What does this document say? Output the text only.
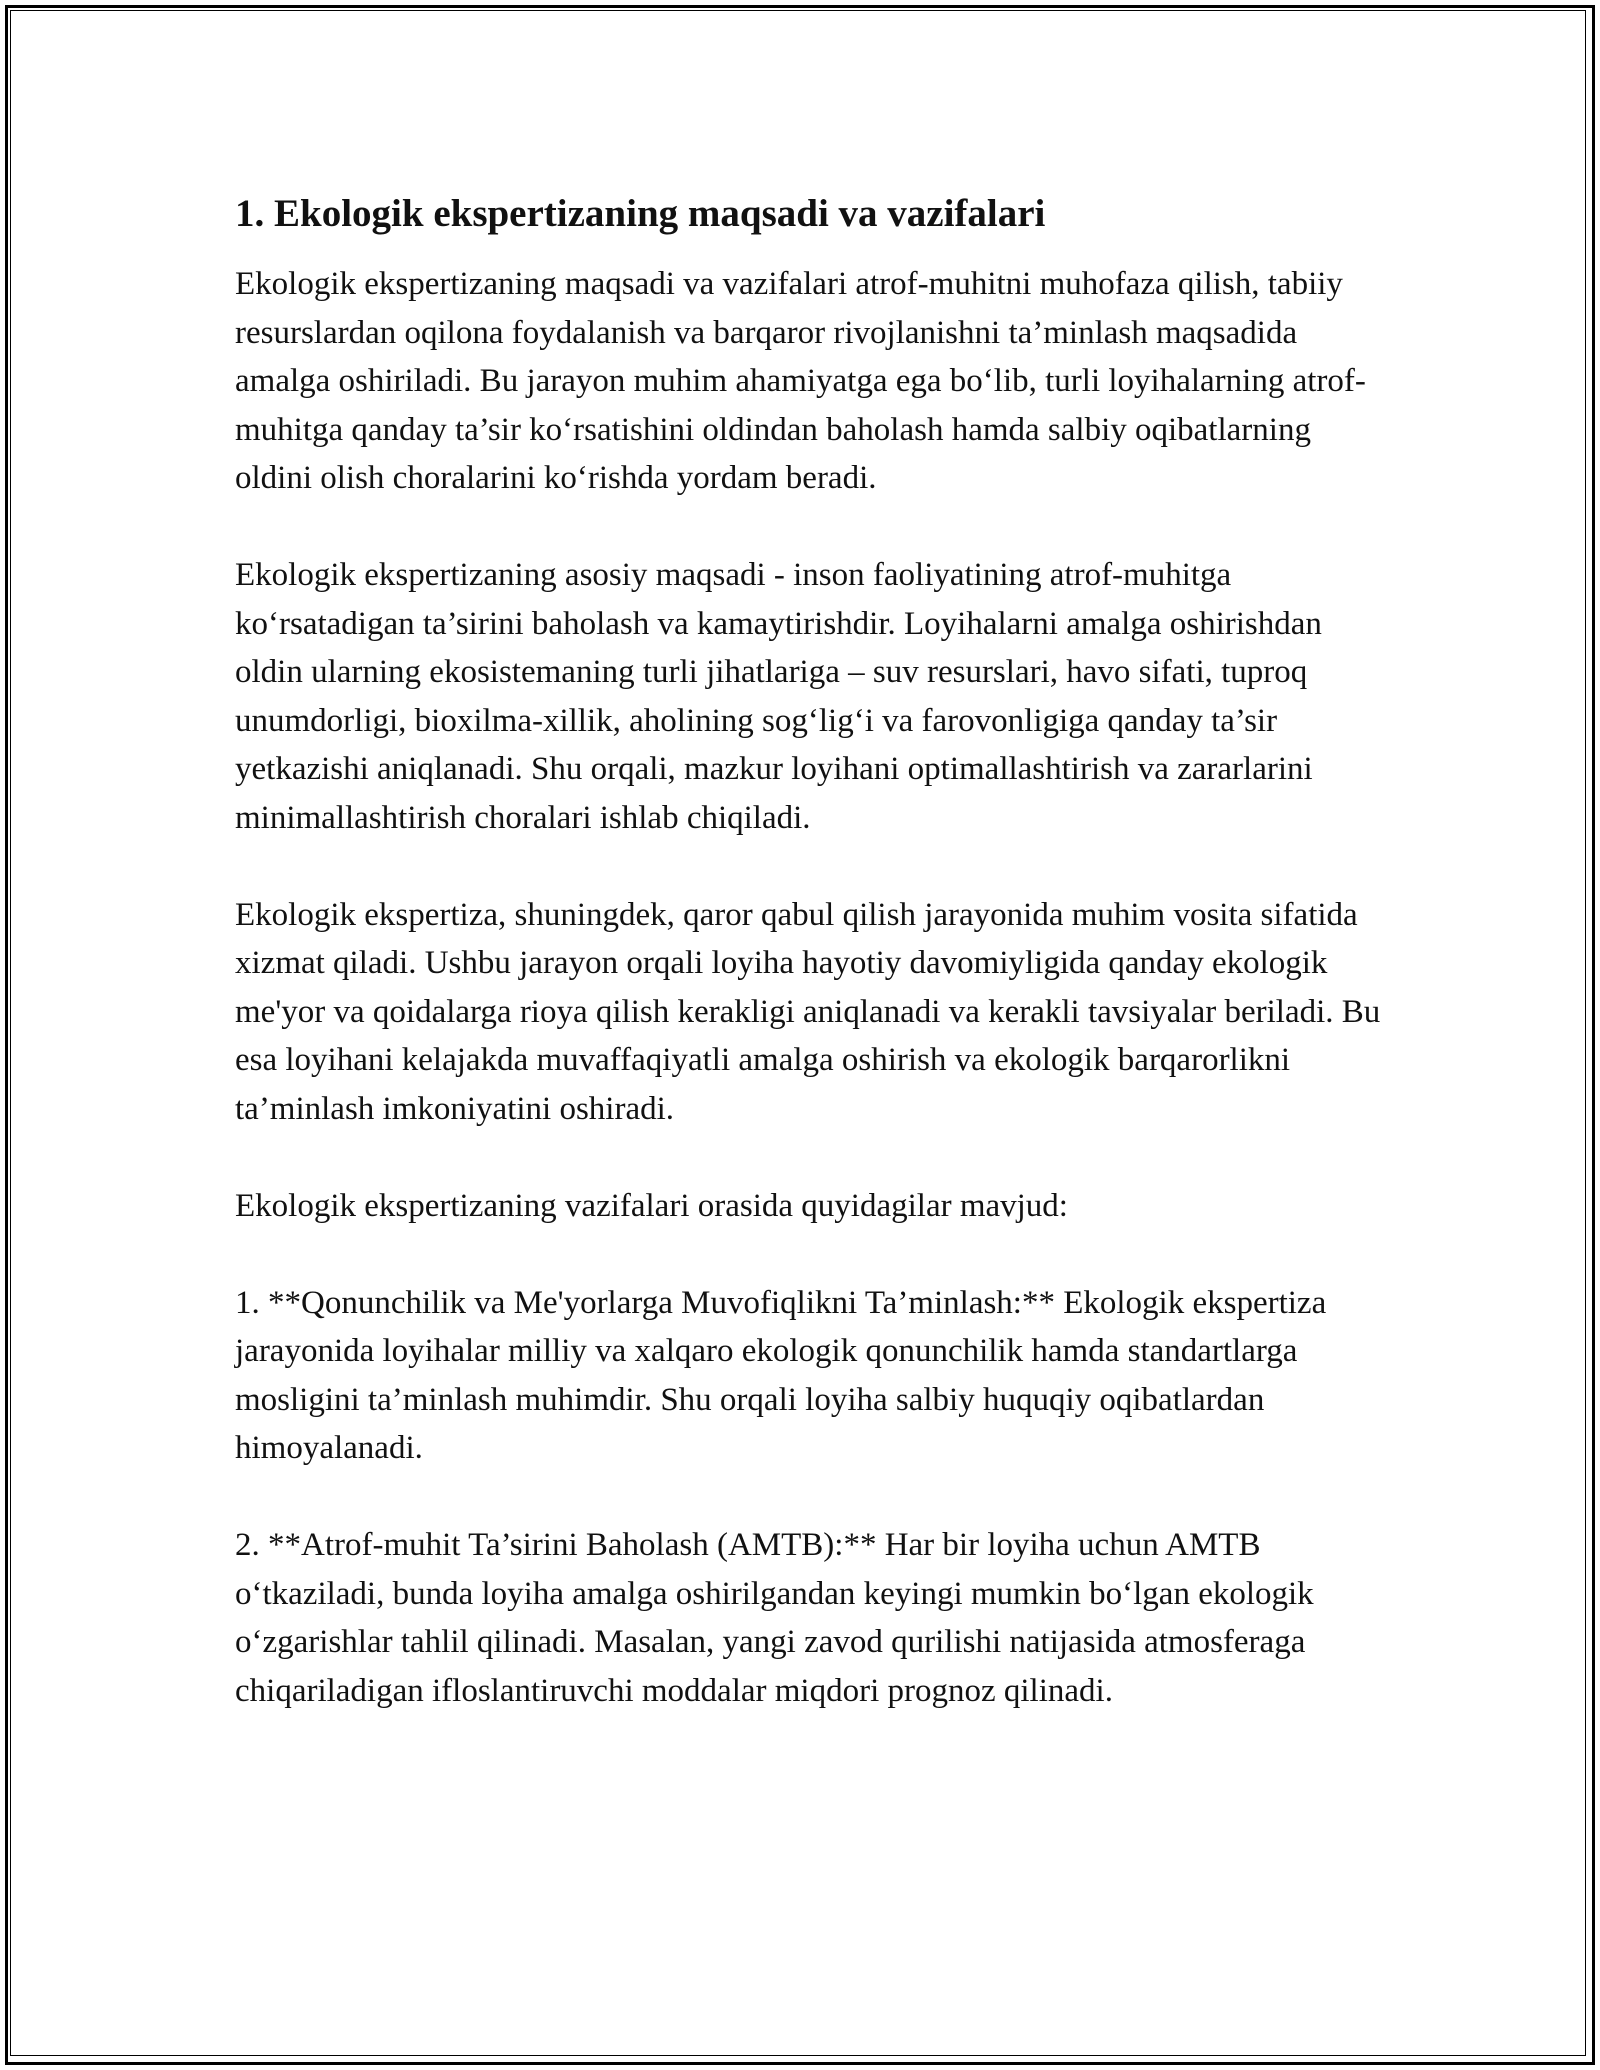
1. Ekologik ekspertizaning maqsadi va vazifalari

Ekologik ekspertizaning maqsadi va vazifalari atrof-muhitni muhofaza qilish, tabiiy resurslardan oqilona foydalanish va barqaror rivojlanishni ta’minlash maqsadida amalga oshiriladi. Bu jarayon muhim ahamiyatga ega bo‘lib, turli loyihalarning atrof-muhitga qanday ta’sir ko‘rsatishini oldindan baholash hamda salbiy oqibatlarning oldini olish choralarini ko‘rishda yordam beradi.

Ekologik ekspertizaning asosiy maqsadi - inson faoliyatining atrof-muhitga ko‘rsatadigan ta’sirini baholash va kamaytirishdir. Loyihalarni amalga oshirishdan oldin ularning ekosistemaning turli jihatlariga – suv resurslari, havo sifati, tuproq unumdorligi, bioxilma-xillik, aholining sog‘lig‘i va farovonligiga qanday ta’sir yetkazishi aniqlanadi. Shu orqali, mazkur loyihani optimallashtirish va zararlarini minimallashtirish choralari ishlab chiqiladi.

Ekologik ekspertiza, shuningdek, qaror qabul qilish jarayonida muhim vosita sifatida xizmat qiladi. Ushbu jarayon orqali loyiha hayotiy davomiyligida qanday ekologik me'yor va qoidalarga rioya qilish kerakligi aniqlanadi va kerakli tavsiyalar beriladi. Bu esa loyihani kelajakda muvaffaqiyatli amalga oshirish va ekologik barqarorlikni ta’minlash imkoniyatini oshiradi.

Ekologik ekspertizaning vazifalari orasida quyidagilar mavjud:

1. **Qonunchilik va Me'yorlarga Muvofiqlikni Ta’minlash:** Ekologik ekspertiza jarayonida loyihalar milliy va xalqaro ekologik qonunchilik hamda standartlarga mosligini ta’minlash muhimdir. Shu orqali loyiha salbiy huquqiy oqibatlardan himoyalanadi.

2. **Atrof-muhit Ta’sirini Baholash (AMTB):** Har bir loyiha uchun AMTB o‘tkaziladi, bunda loyiha amalga oshirilgandan keyingi mumkin bo‘lgan ekologik o‘zgarishlar tahlil qilinadi. Masalan, yangi zavod qurilishi natijasida atmosferaga chiqariladigan ifloslantiruvchi moddalar miqdori prognoz qilinadi.
